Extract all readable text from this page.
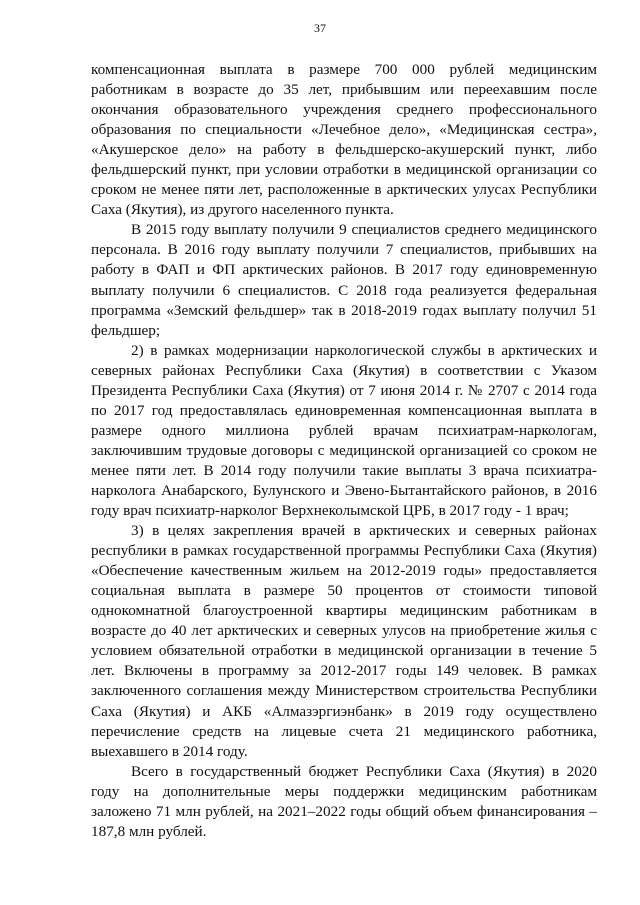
37

компенсационная выплата в размере 700 000 рублей медицинским работникам в возрасте до 35 лет, прибывшим или переехавшим после окончания образовательного учреждения среднего профессионального образования по специальности «Лечебное дело», «Медицинская сестра», «Акушерское дело» на работу в фельдшерско-акушерский пункт, либо фельдшерский пункт, при условии отработки в медицинской организации со сроком не менее пяти лет, расположенные в арктических улусах Республики Саха (Якутия), из другого населенного пункта.

В 2015 году выплату получили 9 специалистов среднего медицинского персонала. В 2016 году выплату получили 7 специалистов, прибывших на работу в ФАП и ФП арктических районов. В 2017 году единовременную выплату получили 6 специалистов. С 2018 года реализуется федеральная программа «Земский фельдшер» так в 2018-2019 годах выплату получил 51 фельдшер;

2) в рамках модернизации наркологической службы в арктических и северных районах Республики Саха (Якутия) в соответствии с Указом Президента Республики Саха (Якутия) от 7 июня 2014 г. № 2707 с 2014 года по 2017 год предоставлялась единовременная компенсационная выплата в размере одного миллиона рублей врачам психиатрам-наркологам, заключившим трудовые договоры с медицинской организацией со сроком не менее пяти лет. В 2014 году получили такие выплаты 3 врача психиатра-нарколога Анабарского, Булунского и Эвено-Бытантайского районов, в 2016 году врач психиатр-нарколог Верхнеколымской ЦРБ, в 2017 году - 1 врач;

3) в целях закрепления врачей в арктических и северных районах республики в рамках государственной программы Республики Саха (Якутия) «Обеспечение качественным жильем на 2012-2019 годы» предоставляется социальная выплата в размере 50 процентов от стоимости типовой однокомнатной благоустроенной квартиры медицинским работникам в возрасте до 40 лет арктических и северных улусов на приобретение жилья с условием обязательной отработки в медицинской организации в течение 5 лет. Включены в программу за 2012-2017 годы 149 человек. В рамках заключенного соглашения между Министерством строительства Республики Саха (Якутия) и АКБ «Алмазэргиэнбанк» в 2019 году осуществлено перечисление средств на лицевые счета 21 медицинского работника, выехавшего в 2014 году.

Всего в государственный бюджет Республики Саха (Якутия) в 2020 году на дополнительные меры поддержки медицинским работникам заложено 71 млн рублей, на 2021–2022 годы общий объем финансирования – 187,8 млн рублей.
